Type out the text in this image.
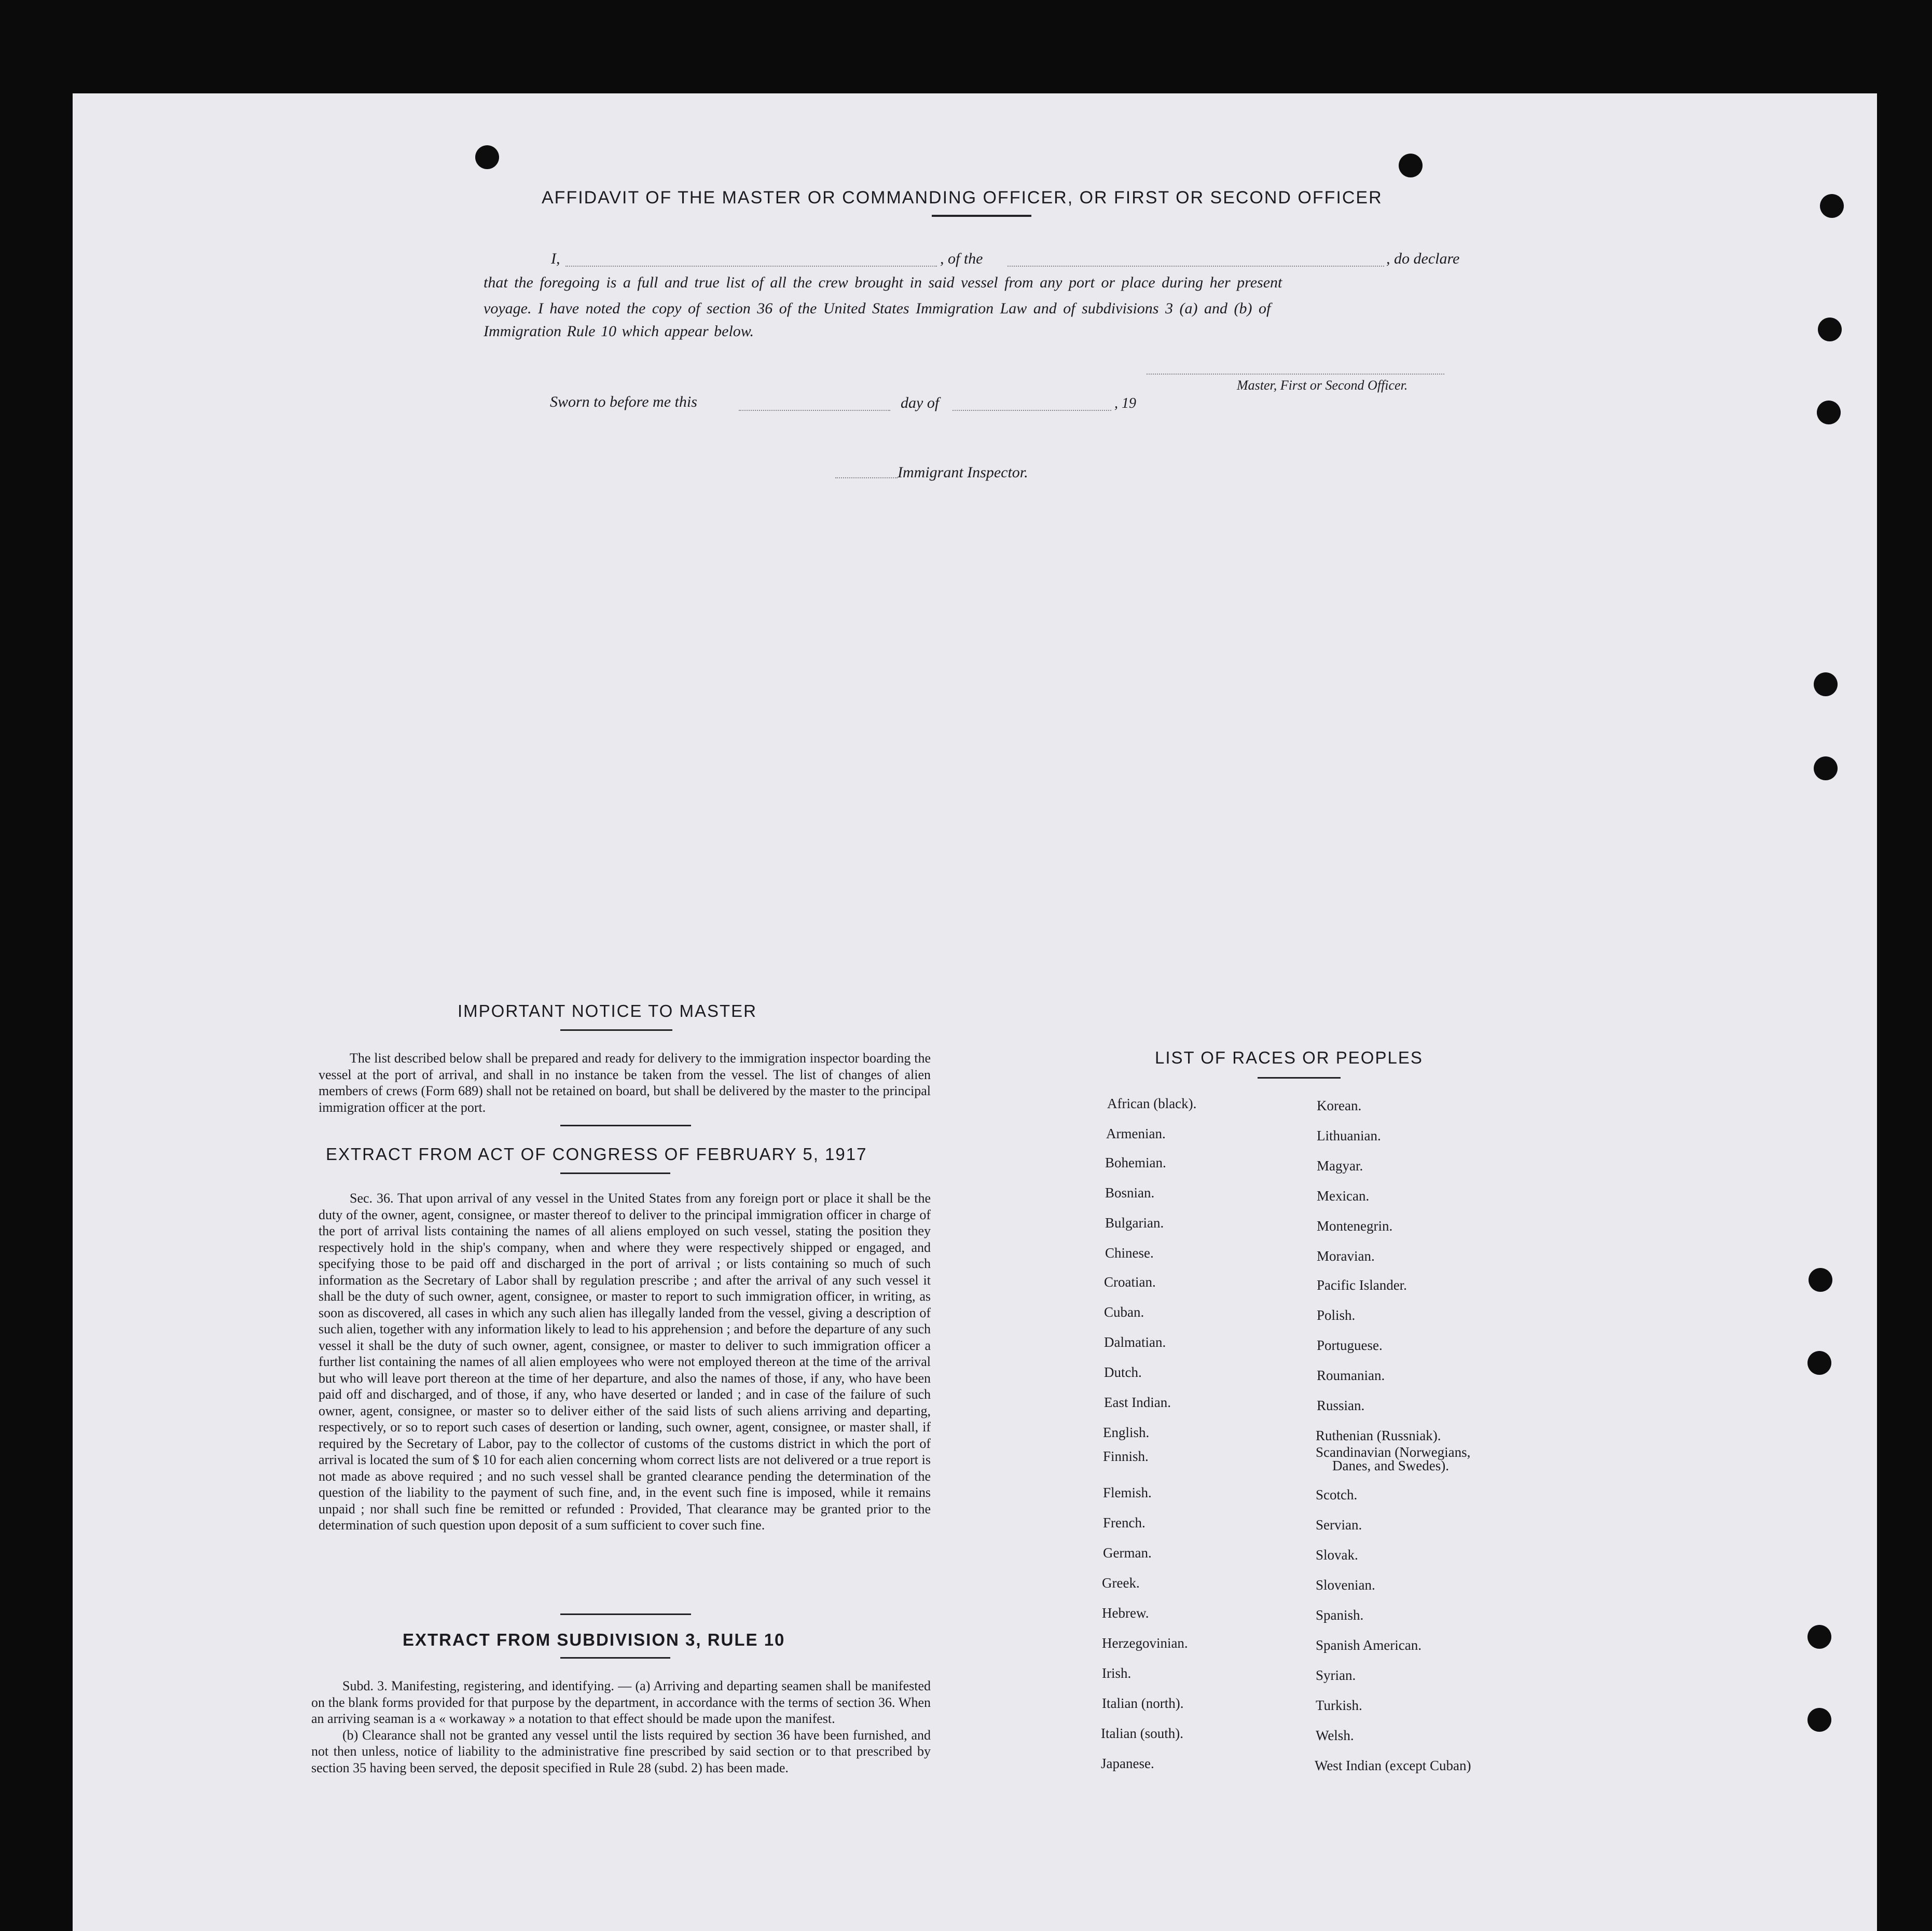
AFFIDAVIT OF THE MASTER OR COMMANDING OFFICER, OR FIRST OR SECOND OFFICER
I,	, of the	, do declare
that the foregoing is a full and true list of all the crew brought in said vessel from any port or place during her present
voyage. I have noted the copy of section 36 of the United States Immigration Law and of subdivisions 3 (a) and (b) of
Immigration Rule 10 which appear below.
Master, First or Second Officer.
Sworn to before me this	day of	, 19
Immigrant Inspector.
IMPORTANT NOTICE TO MASTER

The list described below shall be prepared and ready for delivery to the immigration inspector boarding the vessel at the port of arrival, and shall in no instance be taken from the vessel. The list of changes of alien members of crews (Form 689) shall not be retained on board, but shall be delivered by the master to the principal immigration officer at the port.

EXTRACT FROM ACT OF CONGRESS OF FEBRUARY 5, 1917

Sec. 36. That upon arrival of any vessel in the United States from any foreign port or place it shall be the duty of the owner, agent, consignee, or master thereof to deliver to the principal immigration officer in charge of the port of arrival lists containing the names of all aliens employed on such vessel, stating the position they respectively hold in the ship's company, when and where they were respectively shipped or engaged, and specifying those to be paid off and discharged in the port of arrival ; or lists containing so much of such information as the Secretary of Labor shall by regulation prescribe ; and after the arrival of any such vessel it shall be the duty of such owner, agent, consignee, or master to report to such immigration officer, in writing, as soon as discovered, all cases in which any such alien has illegally landed from the vessel, giving a description of such alien, together with any information likely to lead to his apprehension ; and before the departure of any such vessel it shall be the duty of such owner, agent, consignee, or master to deliver to such immigration officer a further list containing the names of all alien employees who were not employed thereon at the time of the arrival but who will leave port thereon at the time of her departure, and also the names of those, if any, who have been paid off and discharged, and of those, if any, who have deserted or landed ; and in case of the failure of such owner, agent, consignee, or master so to deliver either of the said lists of such aliens arriving and departing, respectively, or so to report such cases of desertion or landing, such owner, agent, consignee, or master shall, if required by the Secretary of Labor, pay to the collector of customs of the customs district in which the port of arrival is located the sum of $ 10 for each alien concerning whom correct lists are not delivered or a true report is not made as above required ; and no such vessel shall be granted clearance pending the determination of the question of the liability to the payment of such fine, and, in the event such fine is imposed, while it remains unpaid ; nor shall such fine be remitted or refunded : Provided, That clearance may be granted prior to the determination of such question upon deposit of a sum sufficient to cover such fine.

EXTRACT FROM SUBDIVISION 3, RULE 10

Subd. 3. Manifesting, registering, and identifying. — (a) Arriving and departing seamen shall be manifested on the blank forms provided for that purpose by the department, in accordance with the terms of section 36. When an arriving seaman is a « workaway » a notation to that effect should be made upon the manifest.

(b) Clearance shall not be granted any vessel until the lists required by section 36 have been furnished, and not then unless, notice of liability to the administrative fine prescribed by said section or to that prescribed by section 35 having been served, the deposit specified in Rule 28 (subd. 2) has been made.

LIST OF RACES OR PEOPLES
African (black).
Armenian.
Bohemian.
Bosnian.
Bulgarian.
Chinese.
Croatian.
Cuban.
Dalmatian.
Dutch.
East Indian.
English.
Finnish.
Flemish.
French.
German.
Greek.
Hebrew.
Herzegovinian.
Irish.
Italian (north).
Italian (south).
Japanese.
Korean.
Lithuanian.
Magyar.
Mexican.
Montenegrin.
Moravian.
Pacific Islander.
Polish.
Portuguese.
Roumanian.
Russian.
Ruthenian (Russniak).
Scandinavian (Norwegians,
Danes, and Swedes).
Scotch.
Servian.
Slovak.
Slovenian.
Spanish.
Spanish American.
Syrian.
Turkish.
Welsh.
West Indian (except Cuban)
